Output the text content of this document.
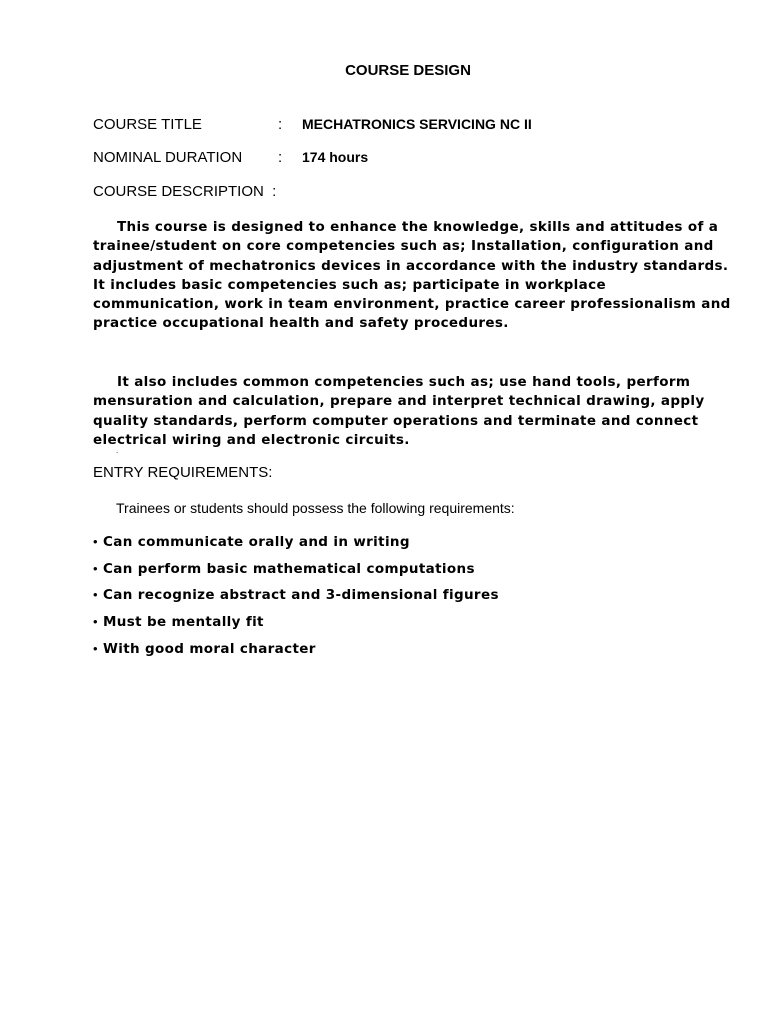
COURSE DESIGN
COURSE TITLE	: MECHATRONICS SERVICING NC II
NOMINAL DURATION : 174 hours
COURSE DESCRIPTION  :

This course is designed to enhance the knowledge, skills and attitudes of a trainee/student on core competencies such as; Installation, configuration and adjustment of mechatronics devices in accordance with the industry standards. It includes basic competencies such as; participate in workplace communication, work in team environment, practice career professionalism and practice occupational health and safety procedures.

It also includes common competencies such as; use hand tools, perform mensuration and calculation, prepare and interpret technical drawing, apply quality standards, perform computer operations and terminate and connect electrical wiring and electronic circuits.

.
ENTRY REQUIREMENTS:
Trainees or students should possess the following requirements:
• Can communicate orally and in writing
• Can perform basic mathematical computations
• Can recognize abstract and 3-dimensional figures
• Must be mentally fit
• With good moral character
